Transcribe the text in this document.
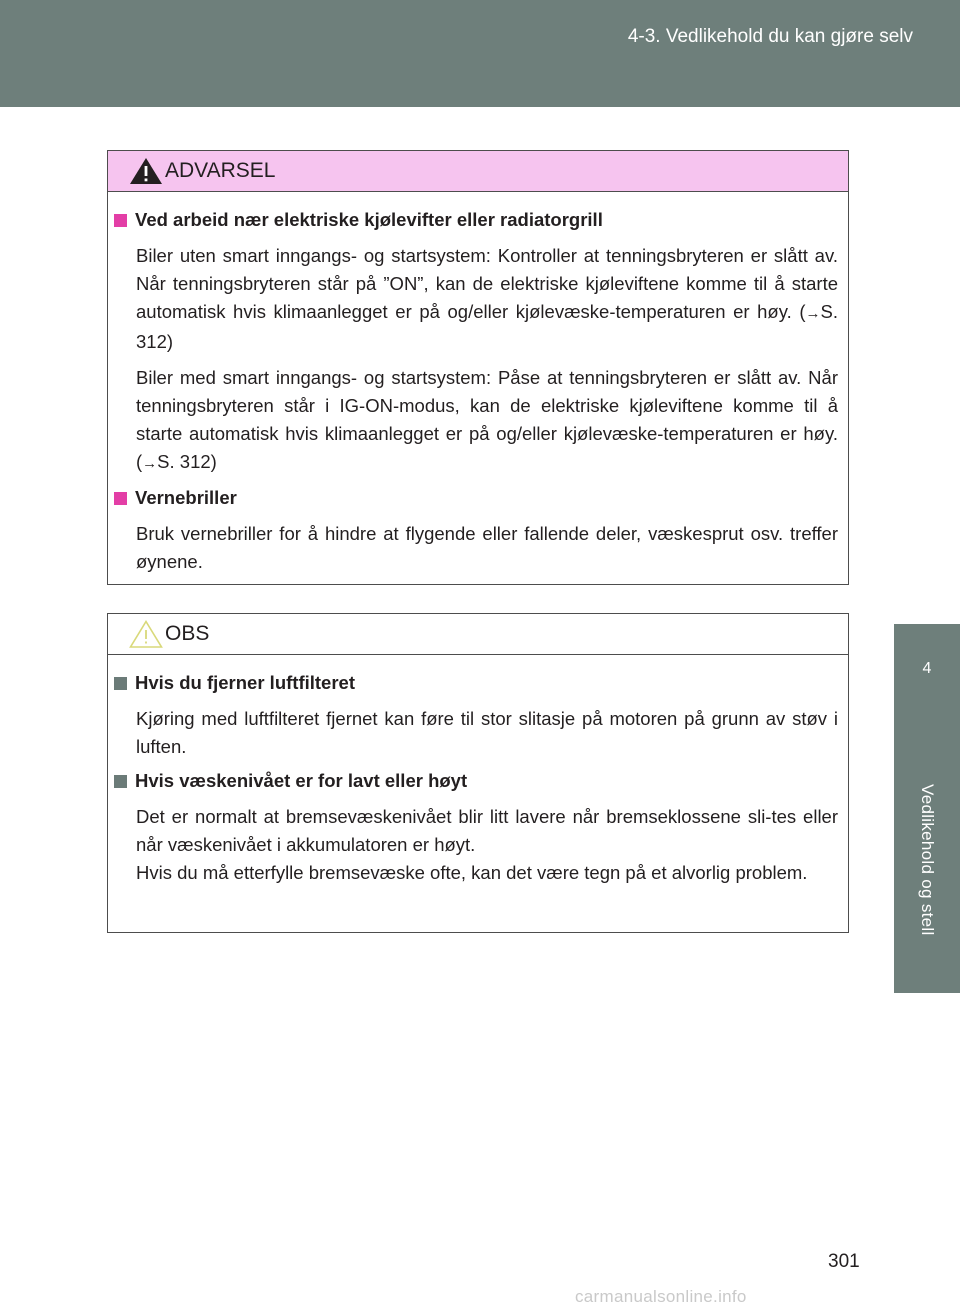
4-3. Vedlikehold du kan gjøre selv
4
Vedlikehold og stell
ADVARSEL
Ved arbeid nær elektriske kjølevifter eller radiatorgrill

Biler uten smart inngangs- og startsystem: Kontroller at tenningsbryteren er slått av. Når tenningsbryteren står på ”ON”, kan de elektriske kjøleviftene komme til å starte automatisk hvis klimaanlegget er på og/eller kjølevæske-temperaturen er høy. (→S. 312)

Biler med smart inngangs- og startsystem: Påse at tenningsbryteren er slått av. Når tenningsbryteren står i IG-ON-modus, kan de elektriske kjøleviftene komme til å starte automatisk hvis klimaanlegget er på og/eller kjølevæske-temperaturen er høy. (→S. 312)

Vernebriller

Bruk vernebriller for å hindre at flygende eller fallende deler, væskesprut osv. treffer øynene.

OBS
Hvis du fjerner luftfilteret

Kjøring med luftfilteret fjernet kan føre til stor slitasje på motoren på grunn av støv i luften.

Hvis væskenivået er for lavt eller høyt

Det er normalt at bremsevæskenivået blir litt lavere når bremseklossene sli-tes eller når væskenivået i akkumulatoren er høyt.

Hvis du må etterfylle bremsevæske ofte, kan det være tegn på et alvorlig problem.

301
carmanualsonline.info
